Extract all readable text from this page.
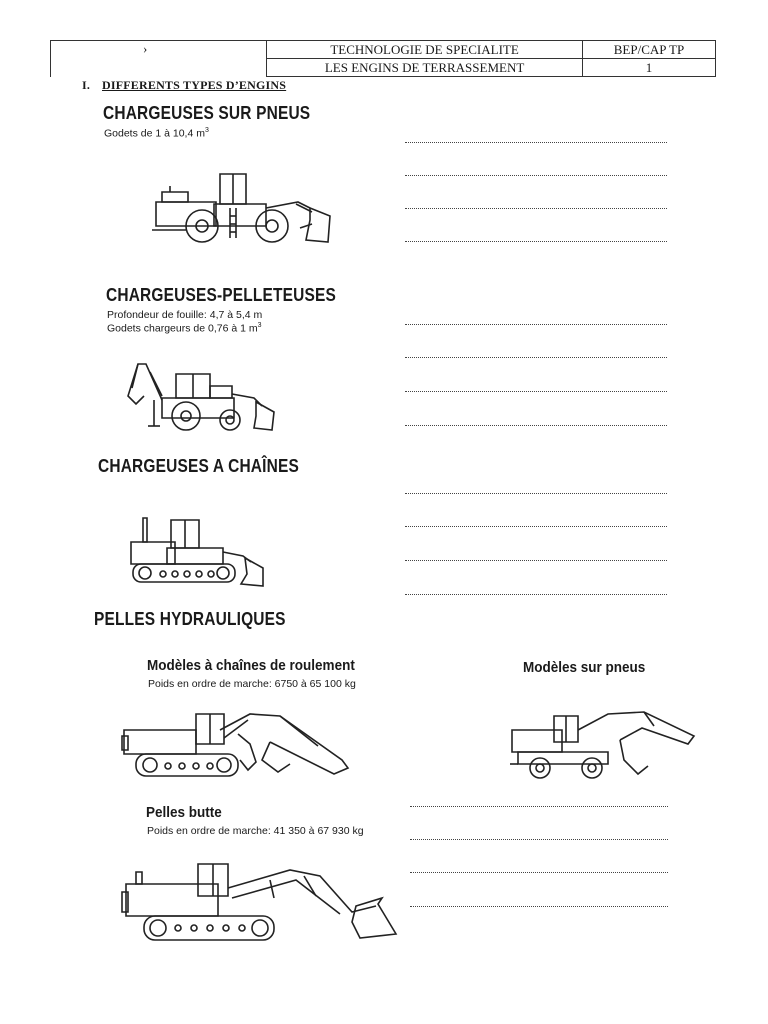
›	TECHNOLOGIE DE SPECIALITE	BEP/CAP TP
	LES ENGINS DE TERRASSEMENT	1
I. DIFFERENTS TYPES D’ENGINS
CHARGEUSES SUR PNEUS
Godets de 1 à 10,4 $m^3$
CHARGEUSES-PELLETEUSES
Profondeur de fouille: 4,7 à 5,4 m
Godets chargeurs de 0,76 à 1 $m^3$
CHARGEUSES A CHAÎNES
PELLES HYDRAULIQUES
Modèles à chaînes de roulement
Poids en ordre de marche: 6750 à 65 100 kg
Modèles sur pneus
Pelles butte
Poids en ordre de marche: 41 350 à 67 930 kg
